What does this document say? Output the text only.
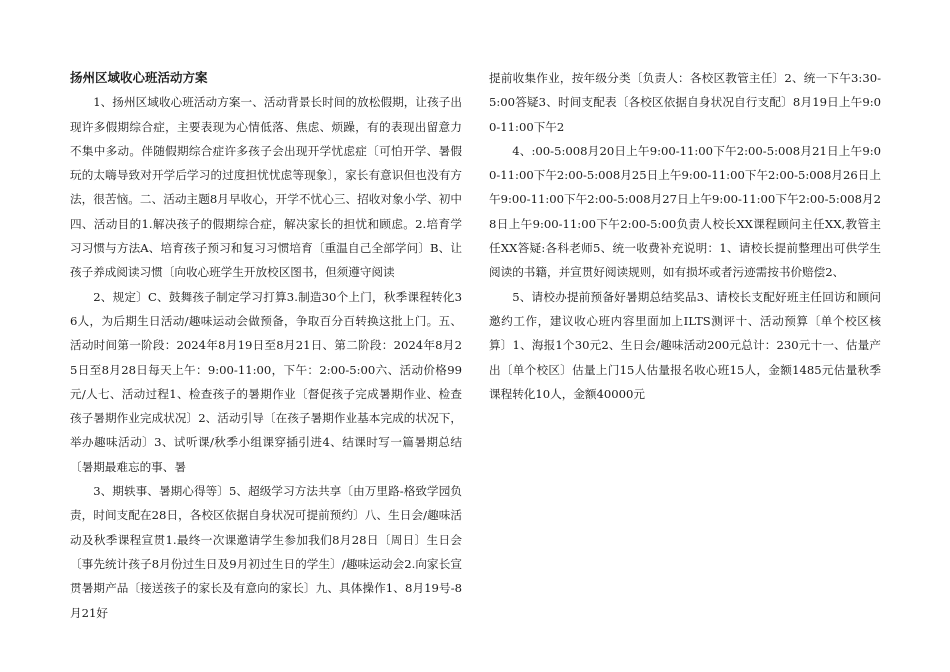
扬州区域收心班活动方案

1、扬州区域收心班活动方案一、活动背景长时间的放松假期，让孩子出现许多假期综合症，主要表现为心情低落、焦虑、烦躁，有的表现出留意力不集中多动。伴随假期综合症许多孩子会出现开学忧虑症〔可怕开学、暑假玩的太嗨导致对开学后学习的过度担忧忧虑等现象〕，家长有意识但也没有方法，很苦恼。二、活动主题8月早收心，开学不忧心三、招收对象小学、初中四、活动目的1.解决孩子的假期综合症，解决家长的担忧和顾虑。2.培育学习习惯与方法A、培育孩子预习和复习习惯培育〔重温自己全部学问〕B、让孩子养成阅读习惯〔向收心班学生开放校区图书，但须遵守阅读

2、规定〕C、鼓舞孩子制定学习打算3.制造30个上门，秋季课程转化36人，为后期生日活动/趣味运动会做预备，争取百分百转换这批上门。五、活动时间第一阶段：2024年8月19日至8月21日、第二阶段：2024年8月25日至8月28日每天上午：9:00-11:00，下午：2:00-5:00六、活动价格99元/人七、活动过程1、检查孩子的暑期作业〔督促孩子完成暑期作业、检查孩子暑期作业完成状况〕2、活动引导〔在孩子暑期作业基本完成的状况下，举办趣味活动〕3、试听课/秋季小组课穿插引进4、结课时写一篇暑期总结〔暑期最难忘的事、暑

3、期轶事、暑期心得等〕5、超级学习方法共享〔由万里路-格致学园负责，时间支配在28日，各校区依据自身状况可提前预约〕八、生日会/趣味活动及秋季课程宣贯1.最终一次课邀请学生参加我们8月28日〔周日〕生日会〔事先统计孩子8月份过生日及9月初过生日的学生〕/趣味运动会2.向家长宣贯暑期产品〔接送孩子的家长及有意向的家长〕九、具体操作1、8月19号-8月21好

提前收集作业，按年级分类〔负责人：各校区教管主任〕2、统一下午3:30-5:00答疑3、时间支配表〔各校区依据自身状况自行支配〕8月19日上午9:00-11:00下午2

4、:00-5:008月20日上午9:00-11:00下午2:00-5:008月21日上午9:00-11:00下午2:00-5:008月25日上午9:00-11:00下午2:00-5:008月26日上午9:00-11:00下午2:00-5:008月27日上午9:00-11:00下午2:00-5:008月28日上午9:00-11:00下午2:00-5:00负责人校长XX课程顾问主任XX,教管主任XX答疑:各科老师5、统一收费补充说明：1、请校长提前整理出可供学生阅读的书籍，并宣贯好阅读规则，如有损坏或者污迹需按书价赔偿2、

5、请校办提前预备好暑期总结奖品3、请校长支配好班主任回访和顾问邀约工作，建议收心班内容里面加上ILTS测评十、活动预算〔单个校区核算〕1、海报1个30元2、生日会/趣味活动200元总计：230元十一、估量产出〔单个校区〕估量上门15人估量报名收心班15人，金额1485元估量秋季课程转化10人，金额40000元
